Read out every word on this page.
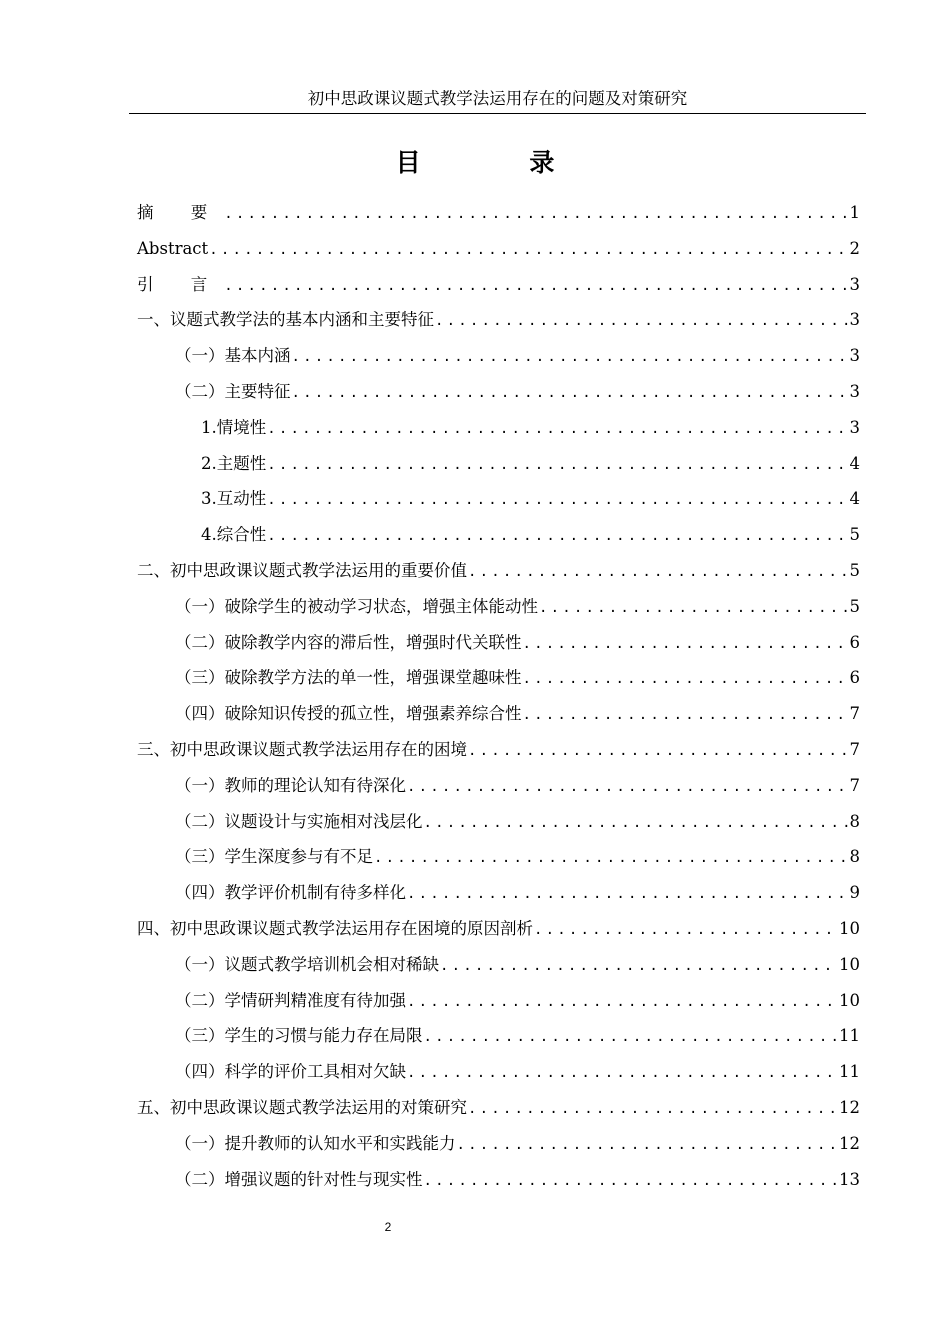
初中思政课议题式教学法运用存在的问题及对策研究
目 录
摘 要 .....	1
Abstract .....	2
引 言 .....	3
一、议题式教学法的基本内涵和主要特征 .....	3
（一）基本内涵 .....	3
（二）主要特征 .....	3
1.情境性 .....	3
2.主题性 .....	4
3.互动性 .....	4
4.综合性 .....	5
二、初中思政课议题式教学法运用的重要价值 .....	5
（一）破除学生的被动学习状态，增强主体能动性 .....	5
（二）破除教学内容的滞后性，增强时代关联性 .....	6
（三）破除教学方法的单一性，增强课堂趣味性 .....	6
（四）破除知识传授的孤立性，增强素养综合性 .....	7
三、初中思政课议题式教学法运用存在的困境 .....	7
（一）教师的理论认知有待深化 .....	7
（二）议题设计与实施相对浅层化 .....	8
（三）学生深度参与有不足 .....	8
（四）教学评价机制有待多样化 .....	9
四、初中思政课议题式教学法运用存在困境的原因剖析 .....	10
（一）议题式教学培训机会相对稀缺 .....	10
（二）学情研判精准度有待加强 .....	10
（三）学生的习惯与能力存在局限 .....	11
（四）科学的评价工具相对欠缺 .....	11
五、初中思政课议题式教学法运用的对策研究 .....	12
（一）提升教师的认知水平和实践能力 .....	12
（二）增强议题的针对性与现实性 .....	13
2
